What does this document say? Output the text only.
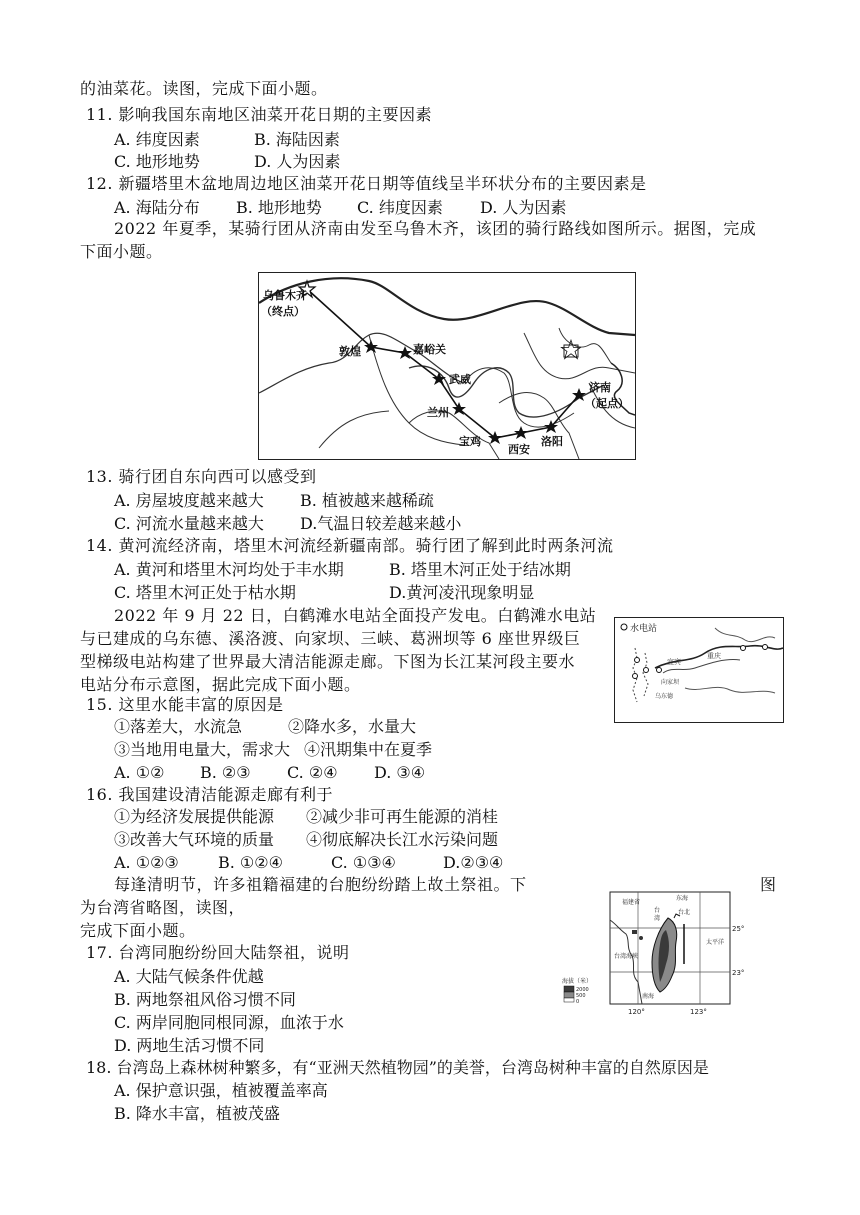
的油菜花。读图，完成下面小题。
11. 影响我国东南地区油菜开花日期的主要因素
A. 纬度因素	B. 海陆因素
C. 地形地势	D. 人为因素
12. 新疆塔里木盆地周边地区油菜开花日期等值线呈半环状分布的主要因素是
A. 海陆分布 B. 地形地势 C. 纬度因素 D. 人为因素
2022 年夏季，某骑行团从济南由发至乌鲁木齐，该团的骑行路线如图所示。据图，完成
下面小题。
乌鲁木齐
（终点）
敦煌	嘉峪关
武威
兰州
宝鸡
西安
洛阳
济南
（起点）
13. 骑行团自东向西可以感受到
A. 房屋坡度越来越大 B. 植被越来越稀疏
C. 河流水量越来越大 D.气温日较差越来越小
14. 黄河流经济南，塔里木河流经新疆南部。骑行团了解到此时两条河流
A. 黄河和塔里木河均处于丰水期	B. 塔里木河正处于结冰期
C. 塔里木河正处于枯水期	D.黄河凌汛现象明显
2022 年 9 月 22 日，白鹤滩水电站全面投产发电。白鹤滩水电站
与已建成的乌东德、溪洛渡、向家坝、三峡、葛洲坝等 6 座世界级巨
型梯级电站构建了世界最大清洁能源走廊。下图为长江某河段主要水
电站分布示意图，据此完成下面小题。
水电站
宜宾
重庆
向家坝
乌东德
15. 这里水能丰富的原因是
①落差大，水流急	②降水多，水量大
③当地用电量大，需求大 ④汛期集中在夏季
A. ①② B. ②③ C. ②④ D. ③④
16. 我国建设清洁能源走廊有利于
①为经济发展提供能源 ②减少非可再生能源的消桂
③改善大气环境的质量 ④彻底解决长江水污染问题
A. ①②③ B. ①②④	C. ①③④	D.②③④
每逢清明节，许多祖籍福建的台胞纷纷踏上故土祭祖。下	图
为台湾省略图，读图，
完成下面小题。
福建省
东海
台北
台
湾
台湾海峡
太平洋
南海
25°
23°
120°	123°
海拔（米）
2000
500
0
17. 台湾同胞纷纷回大陆祭祖，说明
A. 大陆气候条件优越
B. 两地祭祖风俗习惯不同
C. 两岸同胞同根同源，血浓于水
D. 两地生活习惯不同
18. 台湾岛上森林树种繁多，有“亚洲天然植物园”的美誉，台湾岛树种丰富的自然原因是
A. 保护意识强，植被覆盖率高
B. 降水丰富，植被茂盛
